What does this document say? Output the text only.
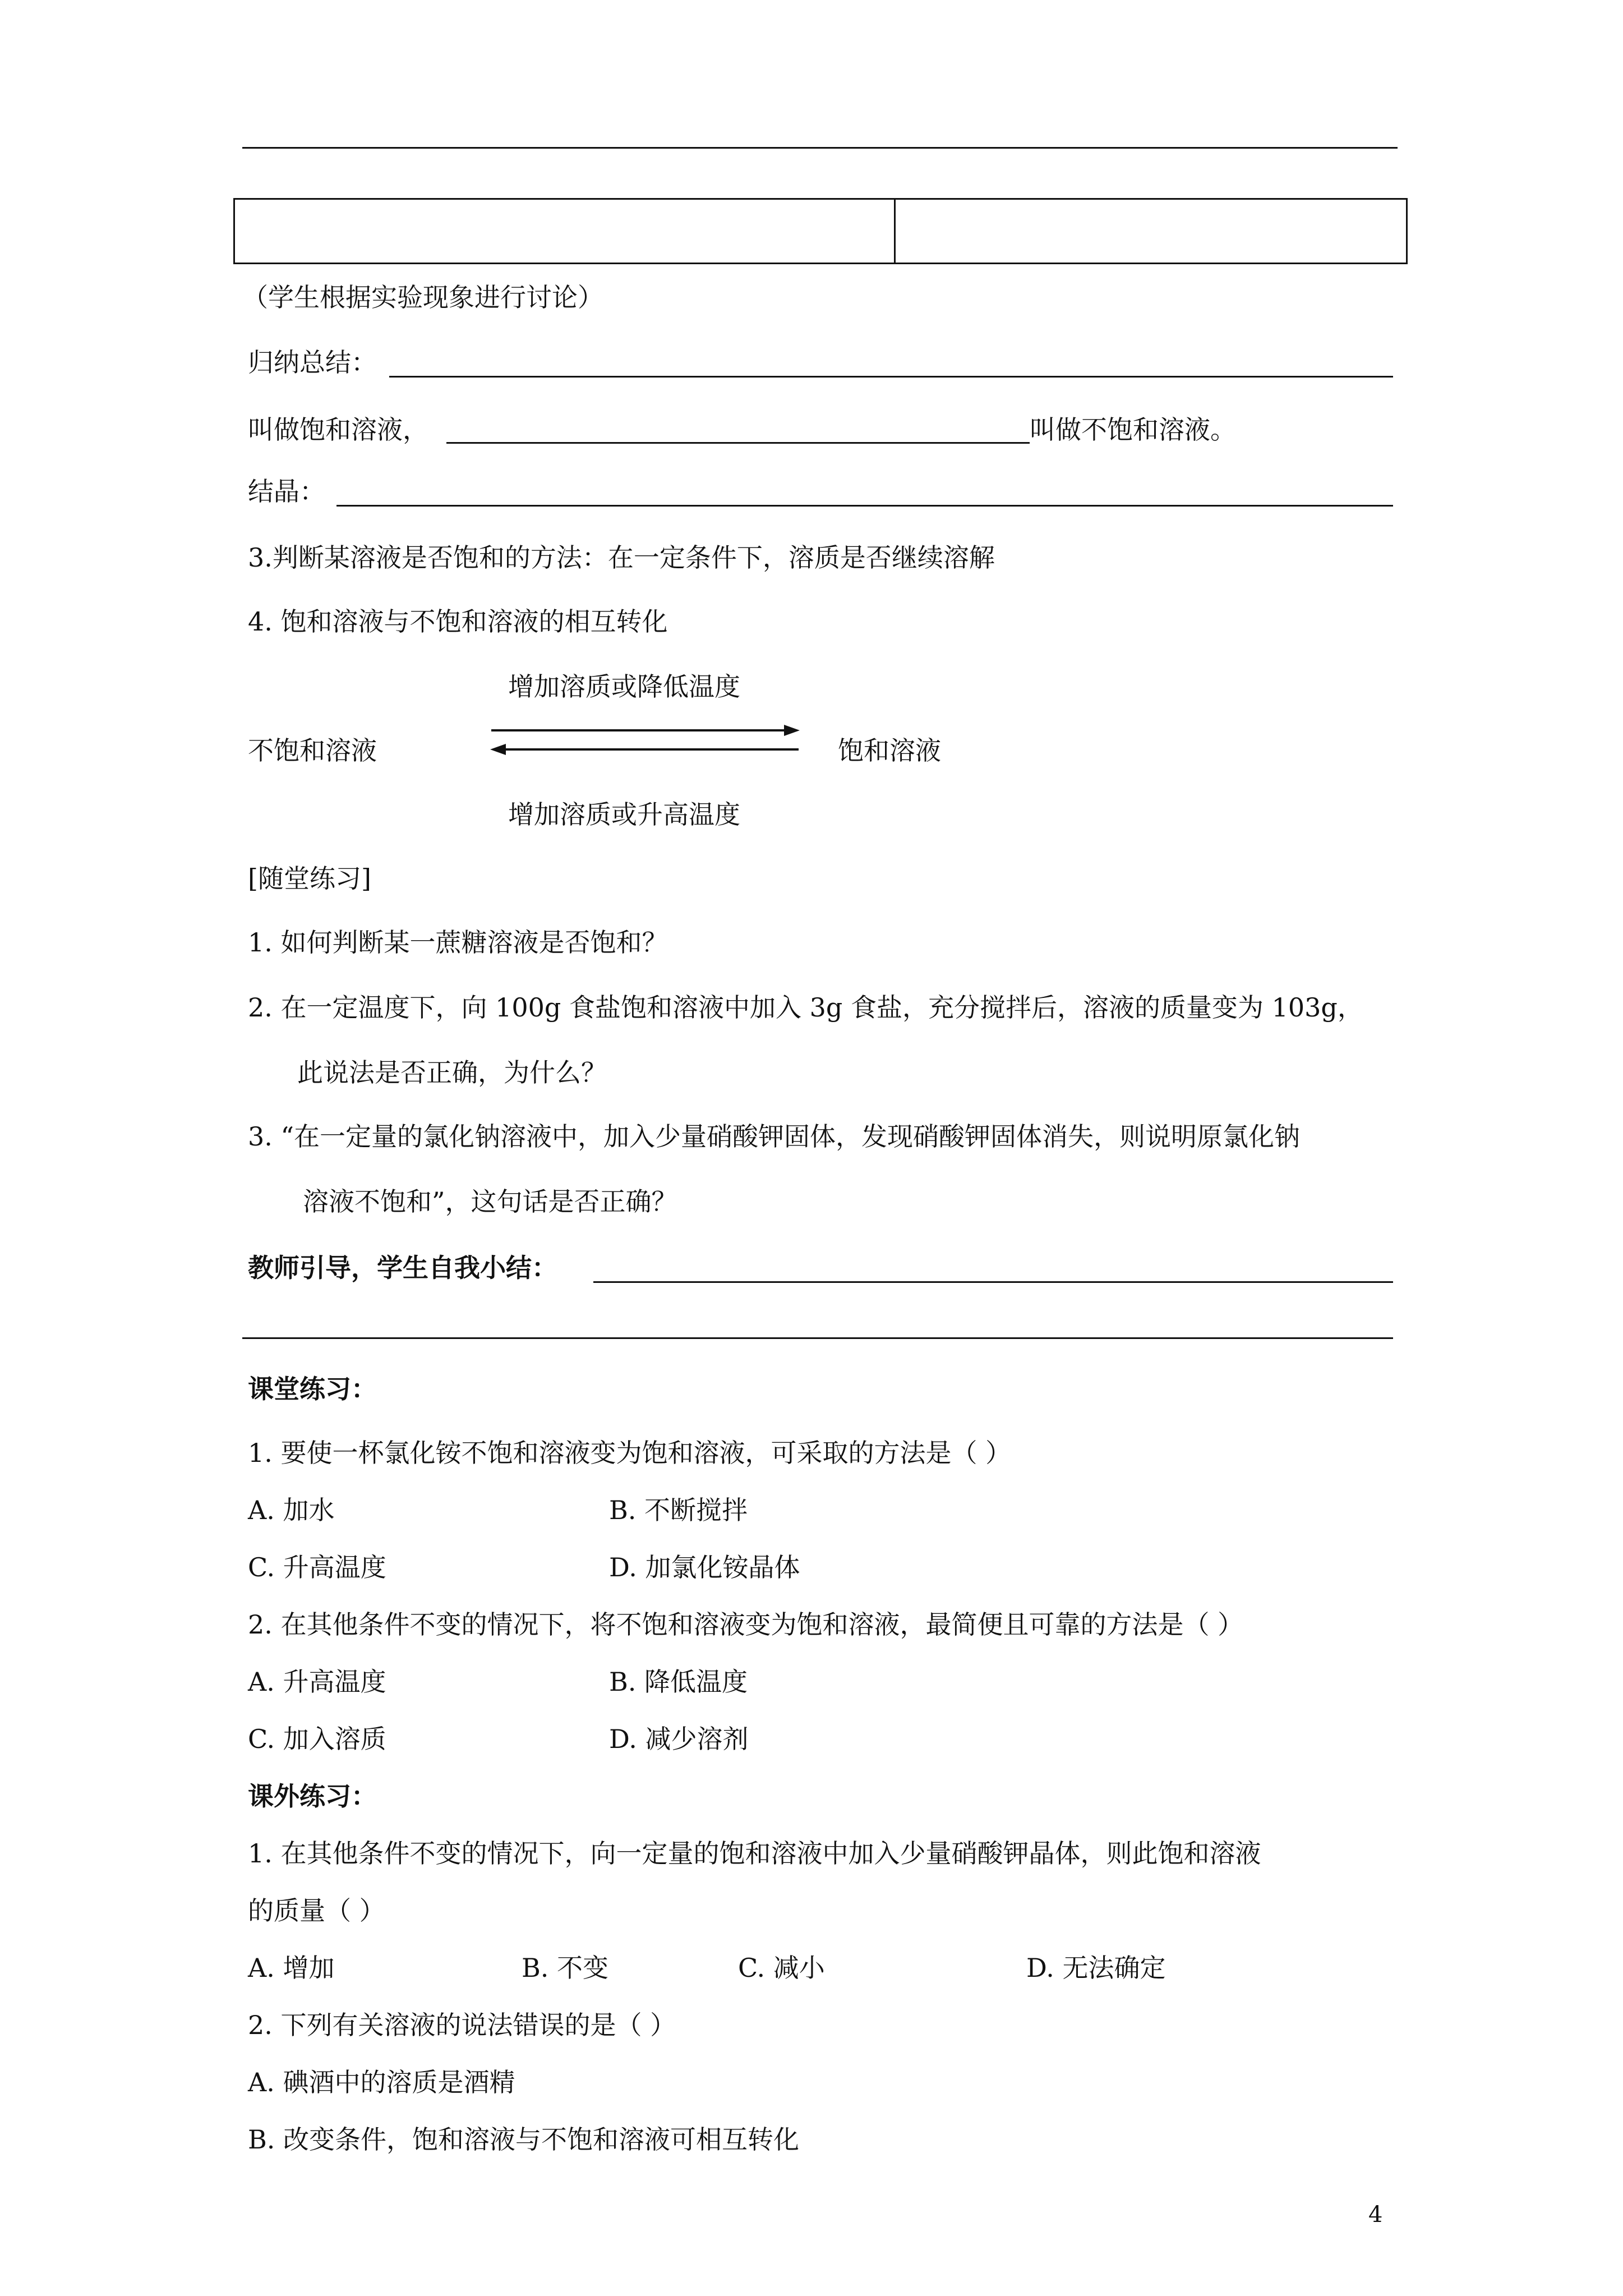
（学生根据实验现象进行讨论）
归纳总结：
叫做饱和溶液，	叫做不饱和溶液。
结晶：
3.判断某溶液是否饱和的方法：在一定条件下，溶质是否继续溶解
4. 饱和溶液与不饱和溶液的相互转化
增加溶质或降低温度
不饱和溶液	饱和溶液
增加溶质或升高温度
[随堂练习]
1. 如何判断某一蔗糖溶液是否饱和？
2. 在一定温度下，向 100g 食盐饱和溶液中加入 3g 食盐，充分搅拌后，溶液的质量变为 103g，
此说法是否正确，为什么？
3. “在一定量的氯化钠溶液中，加入少量硝酸钾固体，发现硝酸钾固体消失，则说明原氯化钠
溶液不饱和”，这句话是否正确？
教师引导，学生自我小结：
课堂练习：
1. 要使一杯氯化铵不饱和溶液变为饱和溶液，可采取的方法是（ ）
A. 加水	B. 不断搅拌
C. 升高温度	D. 加氯化铵晶体
2. 在其他条件不变的情况下，将不饱和溶液变为饱和溶液，最简便且可靠的方法是（ ）
A. 升高温度	B. 降低温度
C. 加入溶质	D. 减少溶剂
课外练习：
1. 在其他条件不变的情况下，向一定量的饱和溶液中加入少量硝酸钾晶体，则此饱和溶液
的质量（ ）
A. 增加	B. 不变	C. 减小	D. 无法确定
2. 下列有关溶液的说法错误的是（ ）
A. 碘酒中的溶质是酒精
B. 改变条件，饱和溶液与不饱和溶液可相互转化
4
